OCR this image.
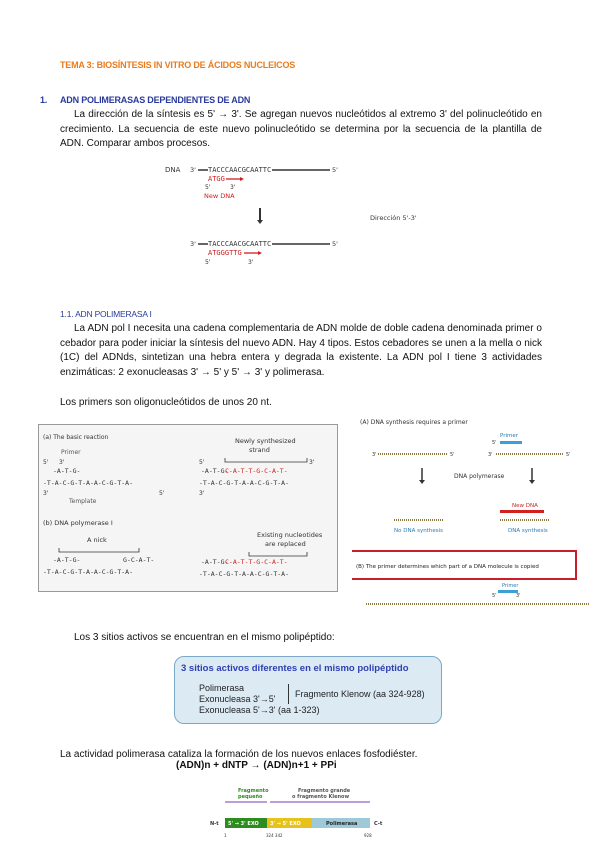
TEMA 3: BIOSÍNTESIS IN VITRO DE ÁCIDOS NUCLEICOS
1. ADN POLIMERASAS DEPENDIENTES DE ADN
La dirección de la síntesis es 5' → 3'. Se agregan nuevos nucleótidos al extremo 3' del polinucleótido en crecimiento. La secuencia de este nuevo polinucleótido se determina por la secuencia de la plantilla de ADN. Comparar ambos procesos.
DNA 3' TACCCAACGCAATTC	5'
ATGG
5'	3'
New DNA
Dirección 5'-3'
3' TACCCAACGCAATTC	5'
ATGGGTTG
5'	3'
1.1. ADN POLIMERASA I
La ADN pol I necesita una cadena complementaria de ADN molde de doble cadena denominada primer o cebador para poder iniciar la síntesis del nuevo ADN. Hay 4 tipos. Estos cebadores se unen a la mella o nick (1C) del ADNds, sintetizan una hebra entera y degrada la existente. La ADN pol I tiene 3 actividades enzimáticas: 2 exonucleasas 3' → 5' y 5' → 3' y polimerasa.
Los primers son oligonucleótidos de unos 20 nt.
(a) The basic reaction
Primer
5' 3'
-A-T-G-
-T-A-C-G-T-A-A-C-G-T-A-
3'	5'
Template
Newly synthesized
strand
5'	3'
-A-T-G-
C-A-T-T-G-C-A-T-
-T-A-C-G-T-A-A-C-G-T-A-
3'
(b) DNA polymerase I
A nick
-A-T-G-	G-C-A-T-
-T-A-C-G-T-A-A-C-G-T-A-
Existing nucleotides
are replaced
-A-T-G-
C-A-T-T-G-C-A-T-
-T-A-C-G-T-A-A-C-G-T-A-
(A) DNA synthesis requires a primer
Primer
5'
3'	5'	3'	5'
DNA polymerase
New DNA
No DNA synthesis	DNA synthesis
(B) The primer determines which part of a DNA molecule is copied
Primer
5'	3'
Los 3 sitios activos se encuentran en el mismo polipéptido:
3 sitios activos diferentes en el mismo polipéptido
Polimerasa
Exonucleasa 3'→5'
Exonucleasa 5'→3' (aa 1-323)
Fragmento Klenow (aa 324-928)
La actividad polimerasa cataliza la formación de los nuevos enlaces fosfodiéster.
(ADN)n + dNTP → (ADN)n+1 + PPi
Fragmento
pequeño
Fragmento grande
o fragmento Klenow
N-t 5' → 3' EXO 3' → 5' EXO	Polimerasa	C-t
1	324 342	928
